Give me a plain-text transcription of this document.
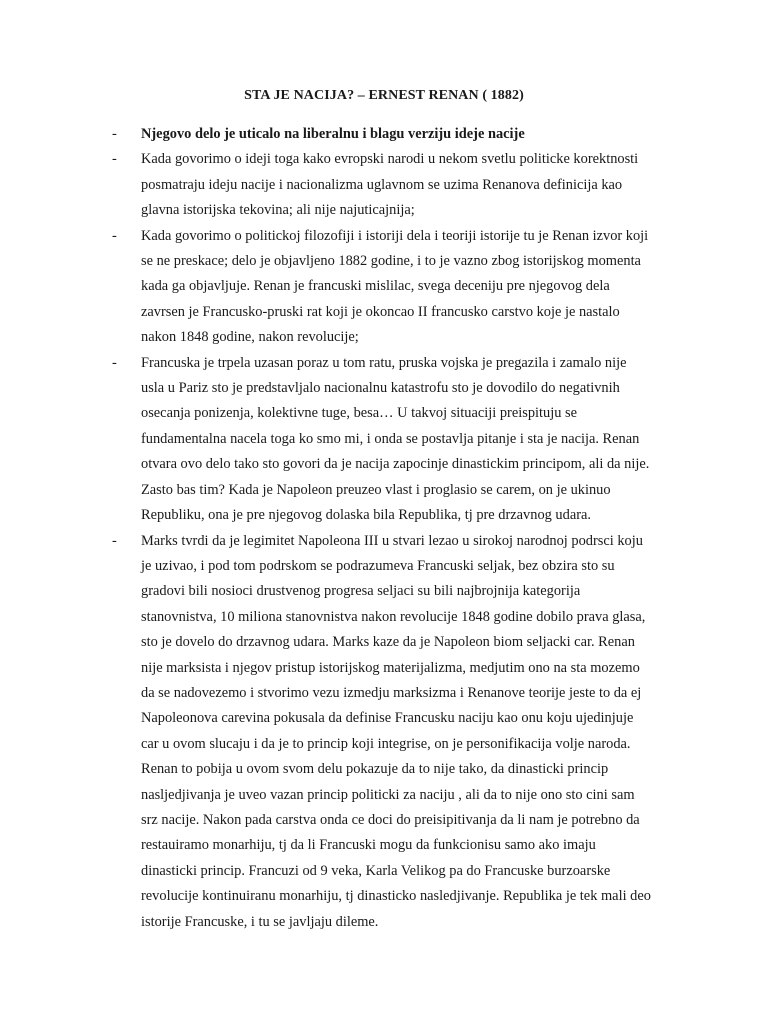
STA JE NACIJA? – ERNEST RENAN ( 1882)
- Njegovo delo je uticalo na liberalnu i blagu verziju ideje nacije
- Kada govorimo o ideji toga kako evropski narodi u nekom svetlu politicke korektnosti posmatraju ideju nacije i nacionalizma uglavnom se uzima Renanova definicija kao glavna istorijska tekovina; ali nije najuticajnija;
- Kada govorimo o politickoj filozofiji i istoriji dela i teoriji istorije tu je Renan izvor koji se ne preskace; delo je objavljeno 1882 godine, i to je vazno zbog istorijskog momenta kada ga objavljuje. Renan je francuski mislilac, svega deceniju pre njegovog dela zavrsen je Francusko-pruski rat koji je okoncao II francusko carstvo koje je nastalo nakon 1848 godine, nakon revolucije;
- Francuska je trpela uzasan poraz u tom ratu, pruska vojska je pregazila i zamalo nije usla u Pariz sto je predstavljalo nacionalnu katastrofu sto je dovodilo do negativnih osecanja ponizenja, kolektivne tuge, besa… U takvoj situaciji preispituju se fundamentalna nacela toga ko smo mi, i onda se postavlja pitanje i sta je nacija. Renan otvara ovo delo tako sto govori da je nacija zapocinje dinastickim principom, ali da nije. Zasto bas tim? Kada je Napoleon preuzeo vlast i proglasio se carem, on je ukinuo Republiku, ona je pre njegovog dolaska bila Republika, tj pre drzavnog udara.
- Marks tvrdi da je legimitet Napoleona III u stvari lezao u sirokoj narodnoj podrsci koju je uzivao, i pod tom podrskom se podrazumeva Francuski seljak, bez obzira sto su gradovi bili nosioci drustvenog progresa seljaci su bili najbrojnija kategorija stanovnistva, 10 miliona stanovnistva nakon revolucije 1848 godine dobilo prava glasa, sto je dovelo do drzavnog udara. Marks kaze da je Napoleon biom seljacki car. Renan nije marksista i njegov pristup istorijskog materijalizma, medjutim ono na sta mozemo da se nadovezemo i stvorimo vezu izmedju marksizma i Renanove teorije jeste to da ej Napoleonova carevina pokusala da definise Francusku naciju kao onu koju ujedinjuje car u ovom slucaju i da je to princip koji integrise, on je personifikacija volje naroda. Renan to pobija u ovom svom delu pokazuje da to nije tako, da dinasticki princip nasljedjivanja je uveo vazan princip politicki za naciju , ali da to nije ono sto cini sam srz nacije. Nakon pada carstva onda ce doci do preisipitivanja da li nam je potrebno da restauiramo monarhiju, tj da li Francuski mogu da funkcionisu samo ako imaju dinasticki princip. Francuzi od 9 veka, Karla Velikog pa do Francuske burzoarske revolucije kontinuiranu monarhiju, tj dinasticko nasledjivanje. Republika je tek mali deo istorije Francuske, i tu se javljaju dileme.
